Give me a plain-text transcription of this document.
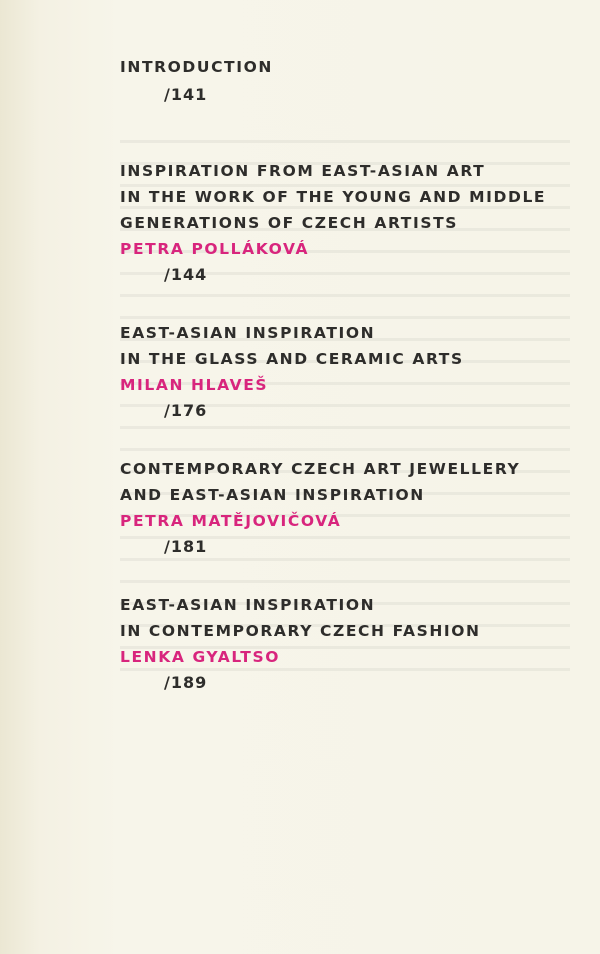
INTRODUCTION
/141
INSPIRATION FROM EAST-ASIAN ART
IN THE WORK OF THE YOUNG AND MIDDLE
GENERATIONS OF CZECH ARTISTS
PETRA POLLÁKOVÁ
/144
EAST-ASIAN INSPIRATION
IN THE GLASS AND CERAMIC ARTS
MILAN HLAVEŠ
/176
CONTEMPORARY CZECH ART JEWELLERY
AND EAST-ASIAN INSPIRATION
PETRA MATĚJOVIČOVÁ
/181
EAST-ASIAN INSPIRATION
IN CONTEMPORARY CZECH FASHION
LENKA GYALTSO
/189
